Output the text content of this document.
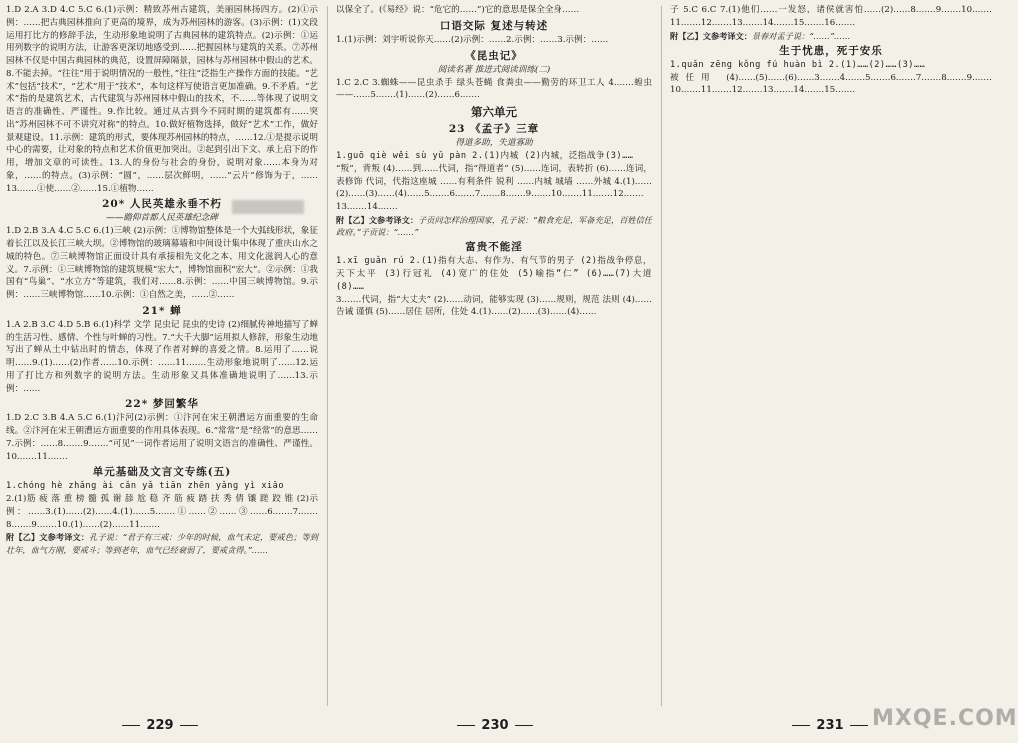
1.D 2.A 3.D 4.C 5.C 6.(1)示例：精致苏州古建筑，美丽园林扬四方。(2)①示例：……把古典园林推向了更高的境界，成为苏州园林的游客。(3)示例：(1)文段运用打比方的修辞手法，生动形象地说明了古典园林的建筑特点。(2)示例：①运用列数字的说明方法，让游客更深切地感受到……把握园林与建筑的关系。⑦苏州园林不仅是中国古典园林的典范，设置屏障隔景，园林与苏州园林中假山的艺术。8.不能去掉。“往往”用于说明情况的一般性，”往往“泛指生产操作方面的技能。“艺术”包括“技术”，“艺术”用于“技术”，本句这样写使语言更加准确。9.不矛盾。“艺术”指的是建筑艺术，古代建筑与苏州园林中假山的技术，不……等体现了说明文语言的准确性、严谨性。9.作比较。通过从古到今不同时期的建筑都有……突出“苏州园林不可不讲究对称”的特点。10.做好植物选择，做好“艺术”工作，做好景观建设。11.示例：建筑的形式，要体现苏州园林的特点，……12.①是提示说明中心的需要，让对象的特点和艺术价值更加突出。②起到引出下文、承上启下的作用，增加文章的可读性。13.人的身份与社会的身份，说明对象……本身为对象，……的特点。(3)示例：“圆”，……层次鲜明，……“云片”修饰为于，……13.……①使……②……15.①植物……
20* 人民英雄永垂不朽
——瞻仰首都人民英雄纪念碑
1.D 2.B 3.A 4.C 5.C 6.(1)三峡 (2)示例：①博物馆整体是一个大弧线形状，象征着长江以及长江三峡大坝。②博物馆的玻璃幕墙和中间设计集中体现了重庆山水之城的特色。⑦三峡博物馆正面设计具有承接相先文化之本、用文化滋润人心的意义。7.示例：①三峡博物馆的建筑规模“宏大”，博物馆面积“宏大”。②示例：①我国有“鸟巢”、“水立方”等建筑，我们对……8.示例：……中国三峡博物馆。9.示例：……三峡博物馆……10.示例：①自然之美，……②……
21* 蝉
1.A 2.B 3.C 4.D 5.B 6.(1)科学 文学 昆虫记 昆虫的史诗 (2)细腻传神地描写了蝉的生活习性、感情、个性与叶蝉的习性。7.“大千大脚”运用拟人修辞，形象生动地写出了蝉从土中钻出时的情态，体现了作者对蝉的喜爱之情。8.运用了……说明……9.(1)……(2)作者……10.示例：……11.……生动形象地说明了……12.运用了打比方和列数字的说明方法。生动形象又具体准确地说明了……13.示例：……
22* 梦回繁华
1.D 2.C 3.B 4.A 5.C 6.(1)汴河(2)示例：①汴河在宋王朝漕运方面重要的生命线。②汴河在宋王朝漕运方面重要的作用具体表现。6.“常常”是“经常”的意思……7.示例：……8.……9.……“可见”一词作者运用了说明文语言的准确性、严谨性。10.……11.……
单元基础及文言文专练(五)
1.chóng hè zhǎng ài cǎn yǎ tiān zhēn yǎng yì xiāo
2.(1)筋 疲 落 重 榜 髓 孤 谢 舔 尬 稳 齐 筋 疲 踏 扶 秀 倩 镶 蹉 跤 锥 (2)示例：……3.(1)……(2)……4.(1)……5.……①……②……③……6.……7.……8.……9.……10.(1)……(2)……11.……
附【乙】文参考译文：孔子说：“君子有三戒：少年的时候，血气未定，要戒色；等到壮年，血气方刚，要戒斗；等到老年，血气已经衰弱了，要戒贪得。”……
以保全了。(《易经》说：“危它的……”)它的意思是保全全身……
口语交际 复述与转述
1.(1)示例：刘宇听说你天……(2)示例：……2.示例：……3.示例：……
《昆虫记》
阅读名著 推进式阅读训练(二)
1.C 2.C 3.蜘蛛——昆虫杀手 绿头苍蝇 食粪虫——勤劳的环卫工人 4.……蝗虫——……5.……(1)……(2)……6.……
第六单元
23 《孟子》三章
得道多助，失道寡助
1.guō qiè wěi sù yǔ pàn 2.(1)内城 (2)内城，泛指战争(3)……
“叛”，背叛 (4)……到……代词，指“得道者” (5)……连词，表转折 (6)……连词，表修饰 代词，代指这座城 ……有利条件 锐利 ……内城 城墙 ……外城 4.(1)……(2)……(3)……(4)……5.……6.……7.……8.……9.……10.……11.……12.……13.……14.……
附【乙】文参考译文：子贡问怎样治理国家，孔子说：“粮食充足，军备充足，百姓信任政府。”子贡说：“……”
富贵不能淫
1.xī guǎn rú 2.(1)指有大志、有作为、有气节的男子 (2)指战争停息，天下太平 (3)行冠礼 (4)宽广的住处 (5)喻指“仁” (6)……(7)大道 (8)……
3.……代词，指“大丈夫” (2)……动词，能够实现 (3)……规则，规范 法则 (4)……告诫 谨慎 (5)……居住 居所，住处 4.(1)……(2)……(3)……(4)……
子 5.C 6.C 7.(1)他们……一发怒，诸侯就害怕……(2)……8.……9.……10.……11.……12.……13.……14.……15.……16.……
附【乙】文参考译文：景春对孟子说：“……”……
生于忧患，死于安乐
1.quǎn zēng kǒng fú huàn bì 2.(1)……(2)……(3)……
被任用 (4)……(5)……(6)……3.……4.……5.……6.……7.……8.……9.……10.……11.……12.……13.……14.……15.……
229	230	231	MXQE.COM
